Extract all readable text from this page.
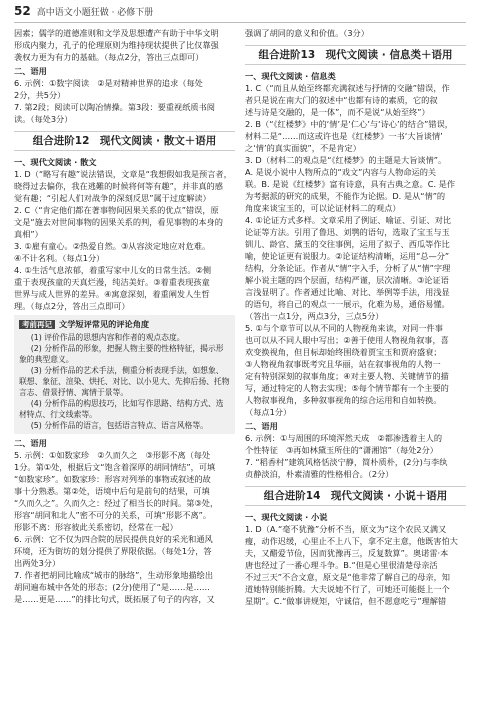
52 高中语文小题狂做 · 必修下册

因素；儒学的道德准则和文学及思想遭产有助于中华文明

形成内聚力，孔子的伦理原则为维持现状提供了比仅靠强

袭权力更为有力的基础。（每点2分，答出三点即可）

二、语用

6. 示例：①数字阅读　②是对精神世界的追求（每处

2分，共5分）

7. 第2段；阅读可以陶冶情操。第3段：要重视纸质书阅

读。（每处3分）

组合进阶12　现代文阅读 · 散文＋语用
一、现代文阅读 · 散文

1. D（“略写有趣”说法错误，文章是“我想假如我是预言者，

晓得过去偏你，我在逃難的时候将何等有趣”，并非真的感

觉有趣；“引起人们对战争的深刻反思”属于过度解读）

2. C（“肯定他们都在著事物间因果关系的优点”错误，原

文是“施去对世间事物的因果关系的判，看见事物的本身的

真相”）

3. ①雇有童心。②热爱自然。③从容淡定地应对危难。

④不计名利。（每点1分）

4. ①生活气息浓郁，着重写家中儿女的日常生活。②侧

重于表现孩童的天真烂漫，纯洁美好。③着重表现孩童

世界与成人世界的差异。④寓意深刻，着重阐发人生哲

理。（每点2分，答出三点即可）

考前再记 文学短评常见的评论角度

(1) 评价作品的思想内容和作者的观点态度。

(2) 分析作品的形象，把握人物主要的性格特征，揭示形象的典型意义。

(3) 分析作品的艺术手法，侧重分析表现手法，如想象、联想、象征、渲染、烘托、对比、以小见大、先抑后扬、托物言志、借景抒情、寓情于景等。

(4) 分析作品的构思技巧，比如写作思路、结构方式、选材特点、行文线索等。

(5) 分析作品的语言，包括语言特点、语言风格等。

二、语用

5. 示例：①如数家珍　②久而久之　③形影不离（每处

1分。第①处，根据后文“饱含着深厚的胡同情结”，可填

“如数家珍”。如数家珍：形容对列举的事物或叙述的故

事十分熟悉。第②处，语境中后句是前句的结果，可填

“久而久之”。久而久之：经过了相当长的时间。第③处，

形容“胡同和北人”密不可分的关系，可填“形影不离”。

形影不离：形容彼此关系密切，经常在一起）

6. 示例：它不仅为四合院的居民提供良好的采光和通风

环境，还为街坊的划分提供了界限依据。（每处1分，答

出两处3分）

7. 作者把胡同比喻成“城市的脉络”，生动形象地描绘出

胡同遍布城中各处的形态；(2分)使用了“是……是……

是……更是……”的排比句式，既拓展了句子的内容，又

强调了胡同的意义和价值。（3分）

组合进阶13　现代文阅读 · 信息类＋语用
一、现代文阅读 · 信息类

1. C（“而且从始至终都充满叙述与抒情的交融”错误，作

者只是说在南大门的叙述中“也都有诗的素质，它的叙

述与诗是交融的，是一体”，而不是说“从始至终”）

2. B（“《红楼梦》中的‘情’是‘仁心’与‘诗心’的结合”错误，

材料二是“……而这或许也是《红楼梦》一书‘大旨谈情’

之‘情’的真实面貌”，不是肯定）

3. D（材料二的观点是“《红楼梦》的主题是大旨谈情”。

A. 是说小说中人物所点的“戏文”内容与人物命运的关

联。B. 是说《红楼梦》富有诗意，具有古典之意。C. 是作

为考据派的研究的成果，不能作为论据。D. 是从“情”的

角度来谈宝玉的，可以论证材料二的观点）

4. ①论证方式多样。文章采用了例证、喻证、引证、对比

论证等方法。引用了鲁迅、刘鹗的语句，选取了宝玉与玉

钏儿、龄官、黛玉的交往事例，运用了拟子、西瓜等作比

喻，使论证更有说服力。②论证结构清晰，运用“总—分”

结构，分条论证。作者从“情”字入手，分析了从“情”字理

解小说主题的四个层面，结构严谨，层次清晰。③论证语

言浅显明了。作者通过比喻、对比、举例等手法，用浅显

的语句，将自己的观点一一展示，化难为易，通俗易懂。

（答出一点1分，两点3分，三点5分）

5. ①与个章节可以从不同的人物视角来读，对同一件事

也可以从不同人眼中写出；②善于使用人物视角叙事，喜

欢变换视角，但目标却始终围绕着贾宝玉和贾府盛衰；

③人物视角叙事既考究且华丽，站在叙事视角的人物一

定有特别深刻的叙事角度；④对主要人物、关键情节的描

写，通过特定的人物去实现；⑤每个情节都有一个主要的

人物叙事视角，多种叙事视角的综合运用和自如转换。

（每点1分）

二、语用

6. 示例：①与周围的环境浑然天成　②都渗透着主人的

个性特征　③再如林黛玉所住的“潇湘馆”（每处2分）

7. “稻香村”建筑风格恬淡宁静，简朴质朴，(2分)与李纨

贞静淡泊，朴素清雅的性格相合。（2分）

组合进阶14　现代文阅读 · 小说＋语用
一、现代文阅读 · 小说

1. D（A.“毫不犹豫”分析不当，原文为“这个农民又满又

瘦，动作迟缓，心里止不上八下，拿不定主意，他既害怕大

夫，又醋爱节俭，因而犹豫再三，反复数算”。奥诺雷·本

唐也经过了一番心理斗争。B.“但是心里很清楚母亲活

不过三天”不合文意，原文是“他非常了解自己的母亲，知

道她特别能折腾。大夫说她不行了，可她还可能挺上一个

星期”。C.“做事讲规矩，守诚信，但不愿意吃亏”理解错
